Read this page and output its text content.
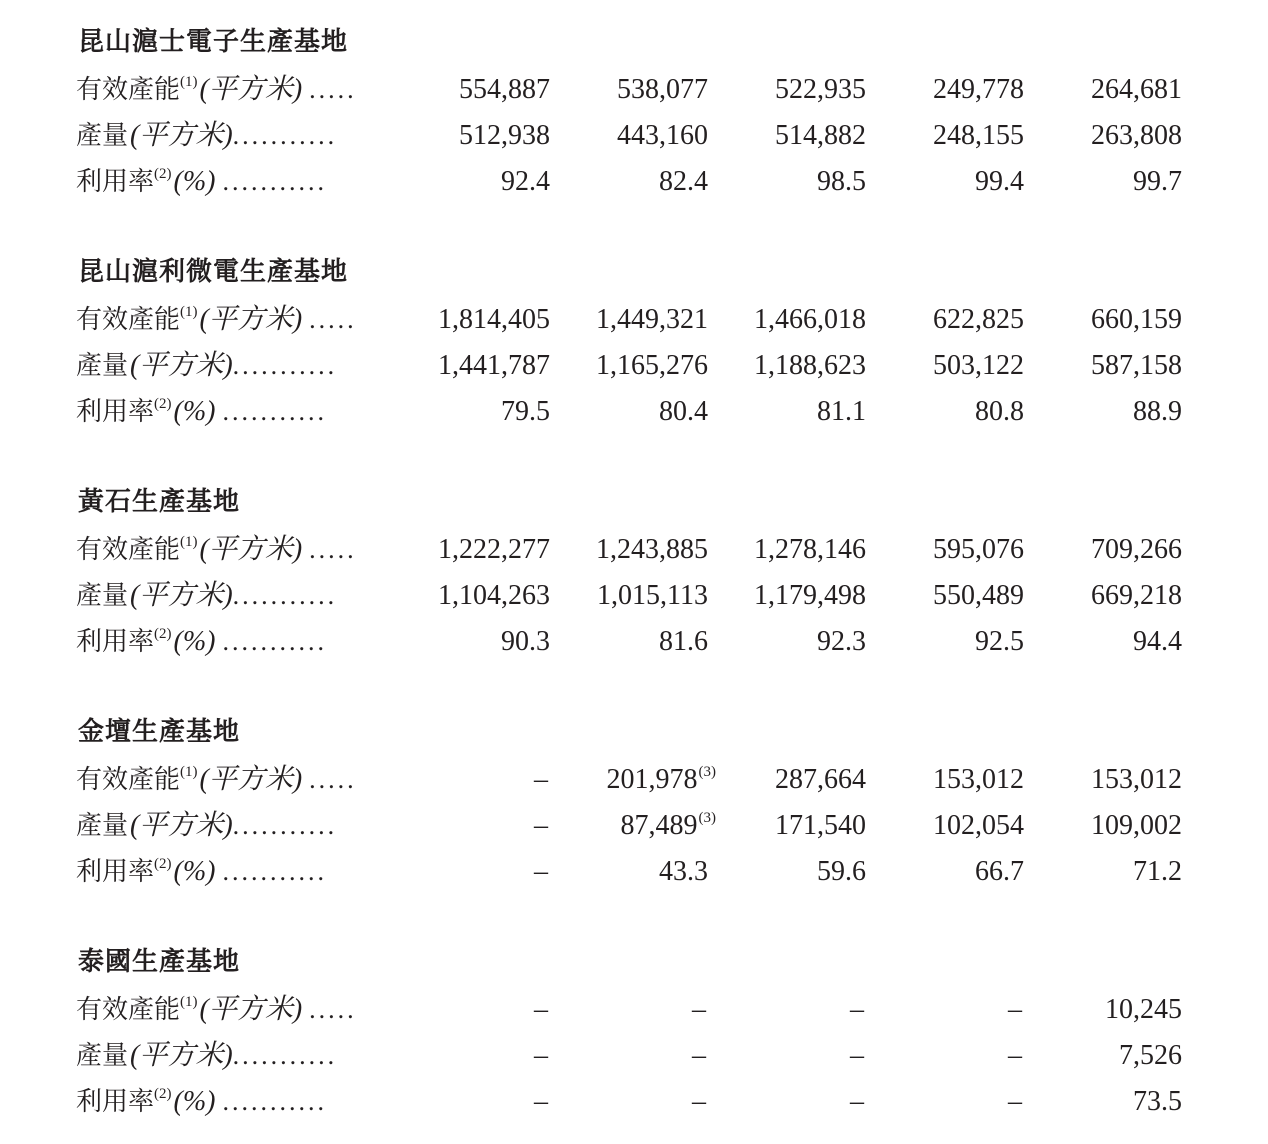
昆山滬士電子生產基地
有效產能$^{(1)}$(平方米) .....	554,887	538,077	522,935	249,778	264,681
產量(平方米)...........	512,938	443,160	514,882	248,155	263,808
利用率$^{(2)}$(%) ...........	92.4	82.4	98.5	99.4	99.7
昆山滬利微電生產基地
有效產能$^{(1)}$(平方米) .....	1,814,405	1,449,321	1,466,018	622,825	660,159
產量(平方米)...........	1,441,787	1,165,276	1,188,623	503,122	587,158
利用率$^{(2)}$(%) ...........	79.5	80.4	81.1	80.8	88.9
黃石生產基地
有效產能$^{(1)}$(平方米) .....	1,222,277	1,243,885	1,278,146	595,076	709,266
產量(平方米)...........	1,104,263	1,015,113	1,179,498	550,489	669,218
利用率$^{(2)}$(%) ...........	90.3	81.6	92.3	92.5	94.4
金壇生產基地
有效產能$^{(1)}$(平方米) .....	–	201,978$^{(3)}$	287,664	153,012	153,012
產量(平方米)...........	–	87,489$^{(3)}$	171,540	102,054	109,002
利用率$^{(2)}$(%) ...........	–	43.3	59.6	66.7	71.2
泰國生產基地
有效產能$^{(1)}$(平方米) .....	–	–	–	–	10,245
產量(平方米)...........	–	–	–	–	7,526
利用率$^{(2)}$(%) ...........	–	–	–	–	73.5
